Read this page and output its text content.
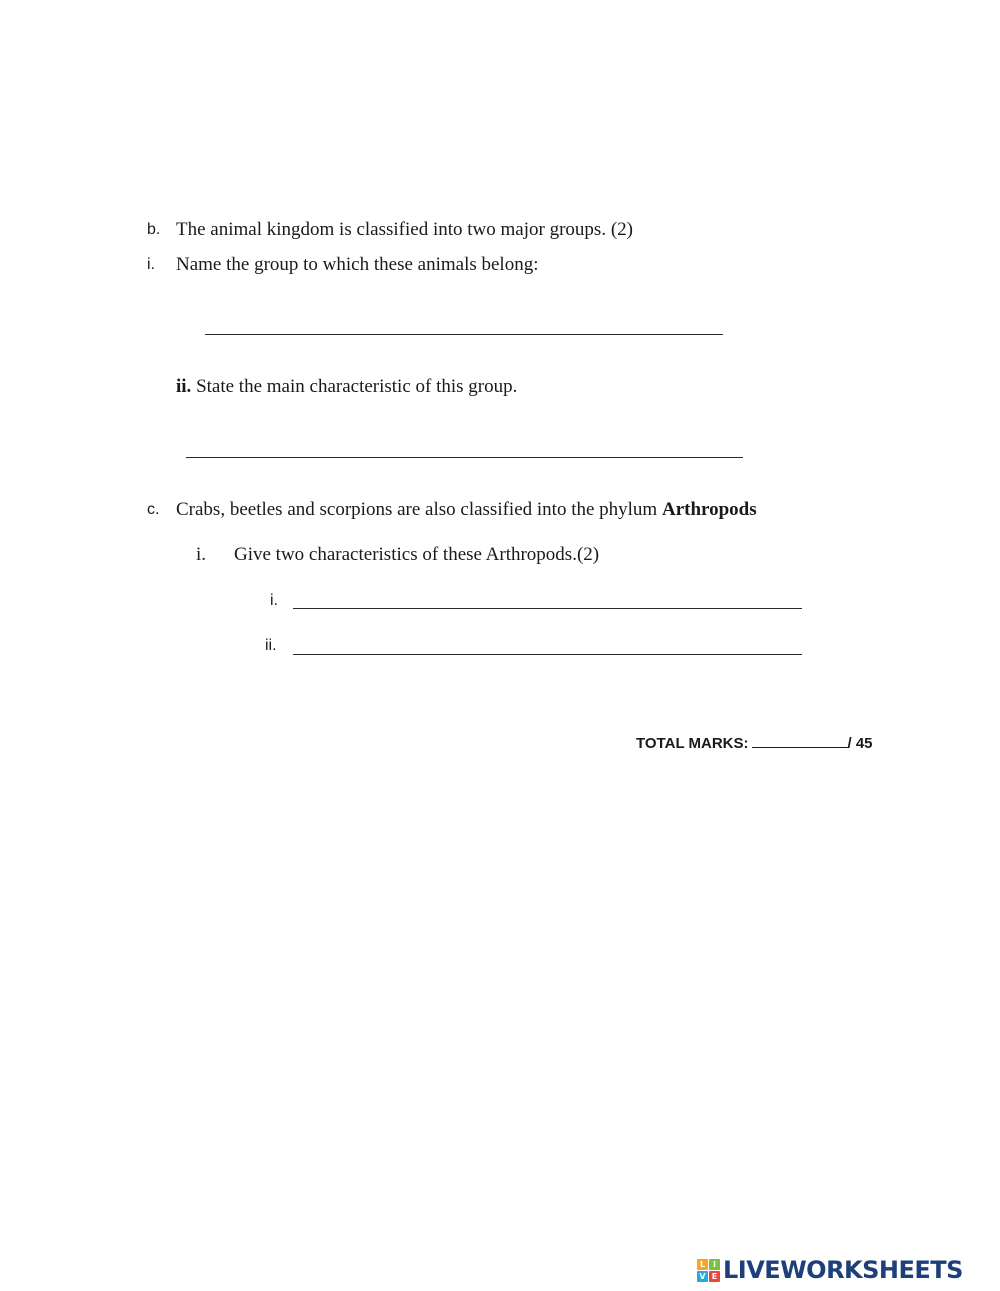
b. The animal kingdom is classified into two major groups. (2)
i. Name the group to which these animals belong:
ii. State the main characteristic of this group.
c. Crabs, beetles and scorpions are also classified into the phylum Arthropods
i. Give two characteristics of these Arthropods.(2)
i.
ii.
TOTAL MARKS:	/ 45
L I
V E LIVEWORKSHEETS
